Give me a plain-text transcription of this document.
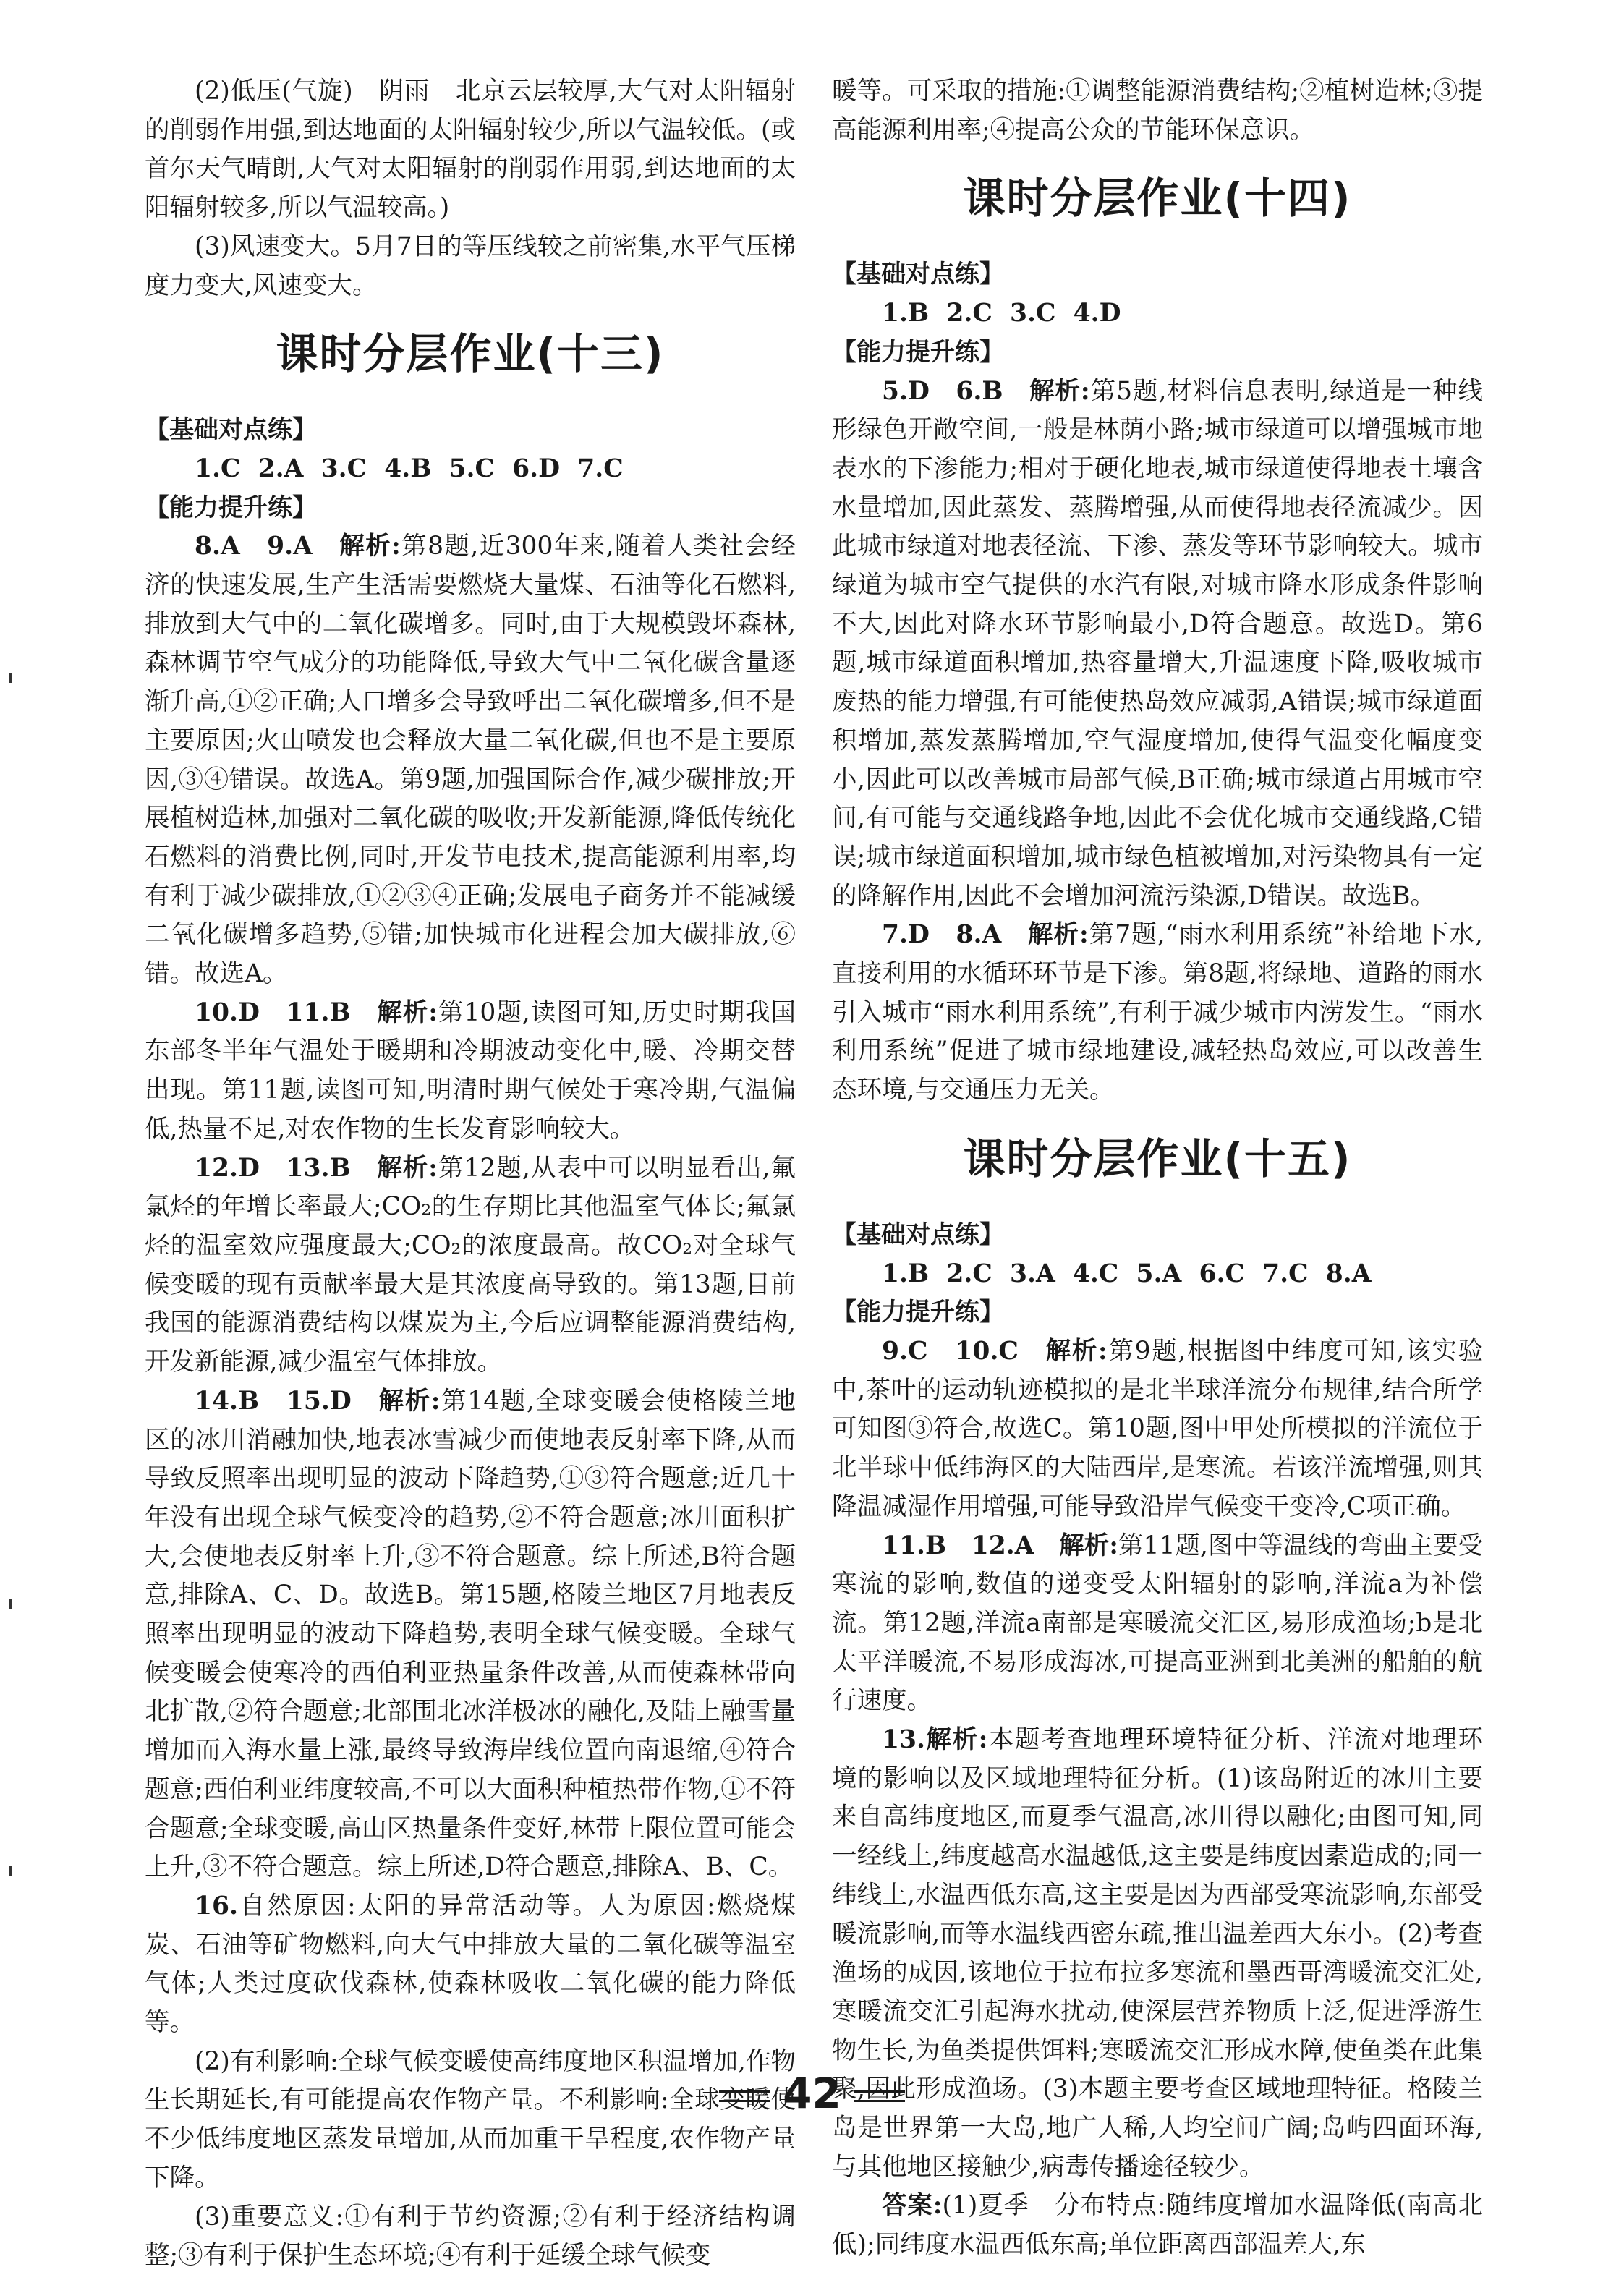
(2)低压(气旋)　阴雨　北京云层较厚,大气对太阳辐射的削弱作用强,到达地面的太阳辐射较少,所以气温较低。(或首尔天气晴朗,大气对太阳辐射的削弱作用弱,到达地面的太阳辐射较多,所以气温较高。)

(3)风速变大。5月7日的等压线较之前密集,水平气压梯度力变大,风速变大。

课时分层作业(十三)

【基础对点练】

1.C 2.A 3.C 4.B 5.C 6.D 7.C

【能力提升练】

8.A　9.A　解析:第8题,近300年来,随着人类社会经济的快速发展,生产生活需要燃烧大量煤、石油等化石燃料,排放到大气中的二氧化碳增多。同时,由于大规模毁坏森林,森林调节空气成分的功能降低,导致大气中二氧化碳含量逐渐升高,①②正确;人口增多会导致呼出二氧化碳增多,但不是主要原因;火山喷发也会释放大量二氧化碳,但也不是主要原因,③④错误。故选A。第9题,加强国际合作,减少碳排放;开展植树造林,加强对二氧化碳的吸收;开发新能源,降低传统化石燃料的消费比例,同时,开发节电技术,提高能源利用率,均有利于减少碳排放,①②③④正确;发展电子商务并不能减缓二氧化碳增多趋势,⑤错;加快城市化进程会加大碳排放,⑥错。故选A。

10.D　11.B　解析:第10题,读图可知,历史时期我国东部冬半年气温处于暖期和冷期波动变化中,暖、冷期交替出现。第11题,读图可知,明清时期气候处于寒冷期,气温偏低,热量不足,对农作物的生长发育影响较大。

12.D　13.B　解析:第12题,从表中可以明显看出,氟氯烃的年增长率最大;CO₂的生存期比其他温室气体长;氟氯烃的温室效应强度最大;CO₂的浓度最高。故CO₂对全球气候变暖的现有贡献率最大是其浓度高导致的。第13题,目前我国的能源消费结构以煤炭为主,今后应调整能源消费结构,开发新能源,减少温室气体排放。

14.B　15.D　解析:第14题,全球变暖会使格陵兰地区的冰川消融加快,地表冰雪减少而使地表反射率下降,从而导致反照率出现明显的波动下降趋势,①③符合题意;近几十年没有出现全球气候变冷的趋势,②不符合题意;冰川面积扩大,会使地表反射率上升,③不符合题意。综上所述,B符合题意,排除A、C、D。故选B。第15题,格陵兰地区7月地表反照率出现明显的波动下降趋势,表明全球气候变暖。全球气候变暖会使寒冷的西伯利亚热量条件改善,从而使森林带向北扩散,②符合题意;北部围北冰洋极冰的融化,及陆上融雪量增加而入海水量上涨,最终导致海岸线位置向南退缩,④符合题意;西伯利亚纬度较高,不可以大面积种植热带作物,①不符合题意;全球变暖,高山区热量条件变好,林带上限位置可能会上升,③不符合题意。综上所述,D符合题意,排除A、B、C。

16.自然原因:太阳的异常活动等。人为原因:燃烧煤炭、石油等矿物燃料,向大气中排放大量的二氧化碳等温室气体;人类过度砍伐森林,使森林吸收二氧化碳的能力降低等。

(2)有利影响:全球气候变暖使高纬度地区积温增加,作物生长期延长,有可能提高农作物产量。不利影响:全球变暖使不少低纬度地区蒸发量增加,从而加重干旱程度,农作物产量下降。

(3)重要意义:①有利于节约资源;②有利于经济结构调整;③有利于保护生态环境;④有利于延缓全球气候变

暖等。可采取的措施:①调整能源消费结构;②植树造林;③提高能源利用率;④提高公众的节能环保意识。

课时分层作业(十四)

【基础对点练】

1.B 2.C 3.C 4.D

【能力提升练】

5.D　6.B　解析:第5题,材料信息表明,绿道是一种线形绿色开敞空间,一般是林荫小路;城市绿道可以增强城市地表水的下渗能力;相对于硬化地表,城市绿道使得地表土壤含水量增加,因此蒸发、蒸腾增强,从而使得地表径流减少。因此城市绿道对地表径流、下渗、蒸发等环节影响较大。城市绿道为城市空气提供的水汽有限,对城市降水形成条件影响不大,因此对降水环节影响最小,D符合题意。故选D。第6题,城市绿道面积增加,热容量增大,升温速度下降,吸收城市废热的能力增强,有可能使热岛效应减弱,A错误;城市绿道面积增加,蒸发蒸腾增加,空气湿度增加,使得气温变化幅度变小,因此可以改善城市局部气候,B正确;城市绿道占用城市空间,有可能与交通线路争地,因此不会优化城市交通线路,C错误;城市绿道面积增加,城市绿色植被增加,对污染物具有一定的降解作用,因此不会增加河流污染源,D错误。故选B。

7.D　8.A　解析:第7题,“雨水利用系统”补给地下水,直接利用的水循环环节是下渗。第8题,将绿地、道路的雨水引入城市“雨水利用系统”,有利于减少城市内涝发生。“雨水利用系统”促进了城市绿地建设,减轻热岛效应,可以改善生态环境,与交通压力无关。

课时分层作业(十五)

【基础对点练】

1.B 2.C 3.A 4.C 5.A 6.C 7.C 8.A

【能力提升练】

9.C　10.C　解析:第9题,根据图中纬度可知,该实验中,茶叶的运动轨迹模拟的是北半球洋流分布规律,结合所学可知图③符合,故选C。第10题,图中甲处所模拟的洋流位于北半球中低纬海区的大陆西岸,是寒流。若该洋流增强,则其降温减湿作用增强,可能导致沿岸气候变干变冷,C项正确。

11.B　12.A　解析:第11题,图中等温线的弯曲主要受寒流的影响,数值的递变受太阳辐射的影响,洋流a为补偿流。第12题,洋流a南部是寒暖流交汇区,易形成渔场;b是北太平洋暖流,不易形成海冰,可提高亚洲到北美洲的船舶的航行速度。

13.解析:本题考查地理环境特征分析、洋流对地理环境的影响以及区域地理特征分析。(1)该岛附近的冰川主要来自高纬度地区,而夏季气温高,冰川得以融化;由图可知,同一经线上,纬度越高水温越低,这主要是纬度因素造成的;同一纬线上,水温西低东高,这主要是因为西部受寒流影响,东部受暖流影响,而等水温线西密东疏,推出温差西大东小。(2)考查渔场的成因,该地位于拉布拉多寒流和墨西哥湾暖流交汇处,寒暖流交汇引起海水扰动,使深层营养物质上泛,促进浮游生物生长,为鱼类提供饵料;寒暖流交汇形成水障,使鱼类在此集聚,因此形成渔场。(3)本题主要考查区域地理特征。格陵兰岛是世界第一大岛,地广人稀,人均空间广阔;岛屿四面环海,与其他地区接触少,病毒传播途径较少。

答案:(1)夏季　分布特点:随纬度增加水温降低(南高北低);同纬度水温西低东高;单位距离西部温差大,东

42
